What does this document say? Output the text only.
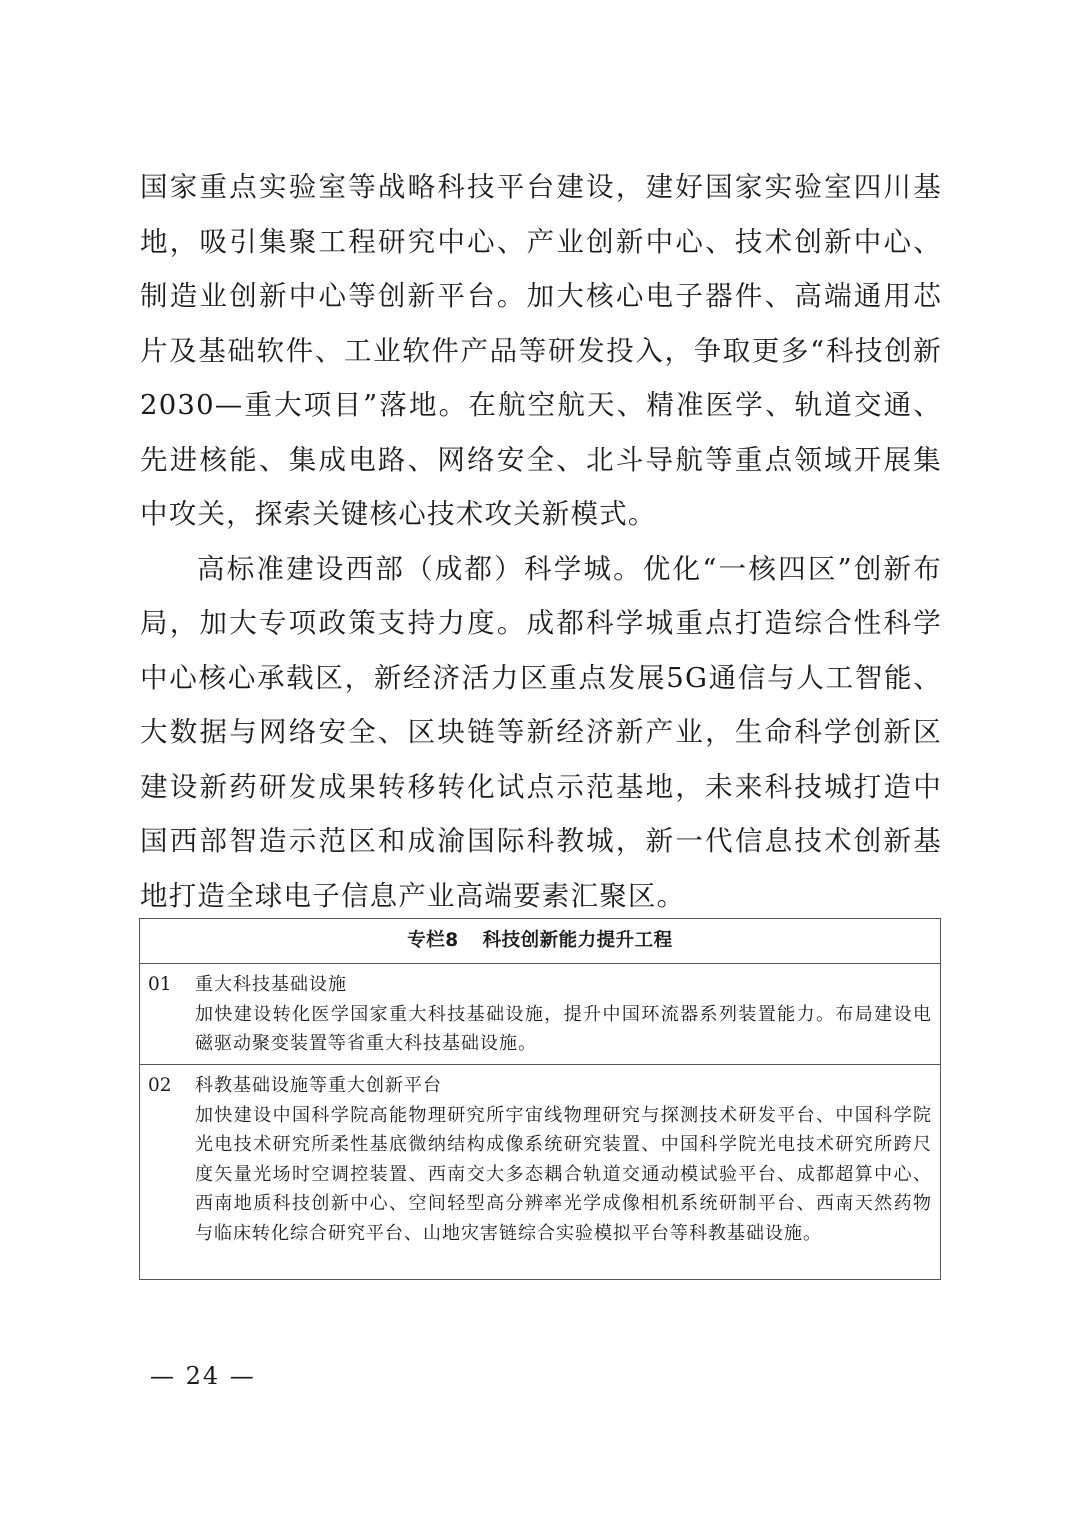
国家重点实验室等战略科技平台建设，建好国家实验室四川基地，吸引集聚工程研究中心、产业创新中心、技术创新中心、制造业创新中心等创新平台。加大核心电子器件、高端通用芯片及基础软件、工业软件产品等研发投入，争取更多“科技创新2030—重大项目”落地。在航空航天、精准医学、轨道交通、先进核能、集成电路、网络安全、北斗导航等重点领域开展集中攻关，探索关键核心技术攻关新模式。

高标准建设西部（成都）科学城。优化“一核四区”创新布局，加大专项政策支持力度。成都科学城重点打造综合性科学中心核心承载区，新经济活力区重点发展5G通信与人工智能、大数据与网络安全、区块链等新经济新产业，生命科学创新区建设新药研发成果转移转化试点示范基地，未来科技城打造中国西部智造示范区和成渝国际科教城，新一代信息技术创新基地打造全球电子信息产业高端要素汇聚区。

专栏8 科技创新能力提升工程
01 重大科技基础设施

加快建设转化医学国家重大科技基础设施，提升中国环流器系列装置能力。布局建设电磁驱动聚变装置等省重大科技基础设施。

02 科教基础设施等重大创新平台

加快建设中国科学院高能物理研究所宇宙线物理研究与探测技术研发平台、中国科学院光电技术研究所柔性基底微纳结构成像系统研究装置、中国科学院光电技术研究所跨尺度矢量光场时空调控装置、西南交大多态耦合轨道交通动模试验平台、成都超算中心、西南地质科技创新中心、空间轻型高分辨率光学成像相机系统研制平台、西南天然药物与临床转化综合研究平台、山地灾害链综合实验模拟平台等科教基础设施。

— 24 —
